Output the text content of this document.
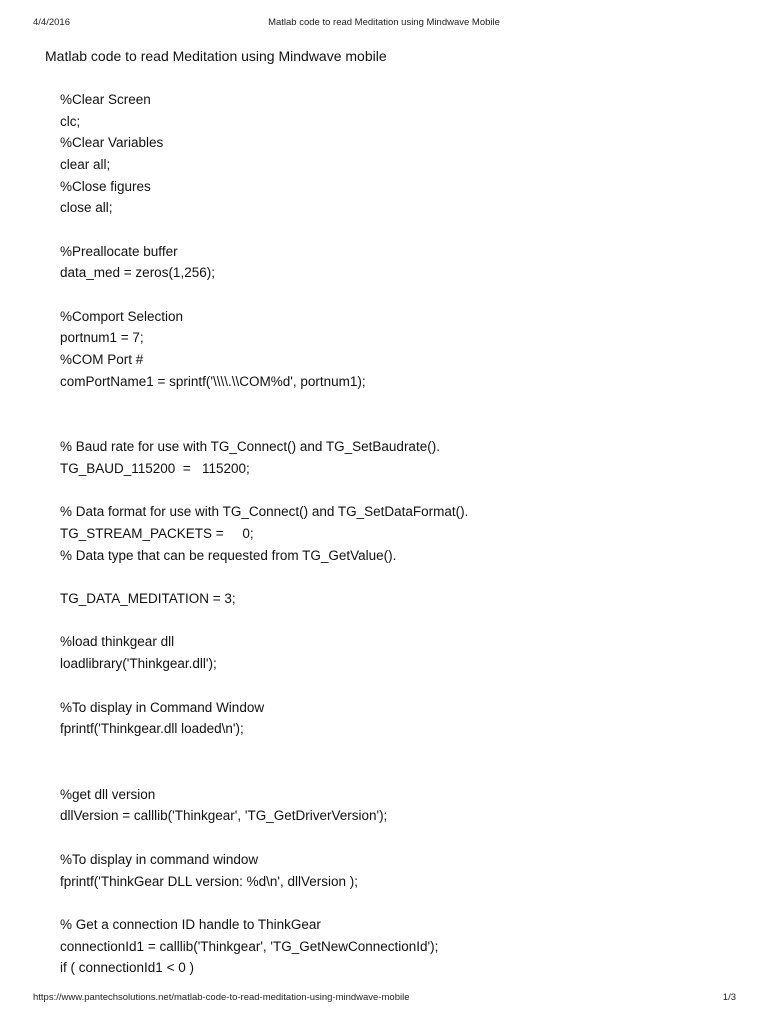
4/4/2016	Matlab code to read Meditation using Mindwave Mobile
Matlab code to read Meditation using Mindwave mobile
%Clear Screen
clc;
%Clear Variables
clear all;
%Close figures
close all;
%Preallocate buffer
data_med = zeros(1,256);
%Comport Selection
portnum1 = 7;
%COM Port #
comPortName1 = sprintf('\\\\.\\COM%d', portnum1);
% Baud rate for use with TG_Connect() and TG_SetBaudrate().
TG_BAUD_115200  =   115200;
% Data format for use with TG_Connect() and TG_SetDataFormat().
TG_STREAM_PACKETS =     0;
% Data type that can be requested from TG_GetValue().
TG_DATA_MEDITATION = 3;
%load thinkgear dll
loadlibrary('Thinkgear.dll');
%To display in Command Window
fprintf('Thinkgear.dll loaded\n');
%get dll version
dllVersion = calllib('Thinkgear', 'TG_GetDriverVersion');
%To display in command window
fprintf('ThinkGear DLL version: %d\n', dllVersion );
% Get a connection ID handle to ThinkGear
connectionId1 = calllib('Thinkgear', 'TG_GetNewConnectionId');
if ( connectionId1 < 0 )
https://www.pantechsolutions.net/matlab-code-to-read-meditation-using-mindwave-mobile	1/3
